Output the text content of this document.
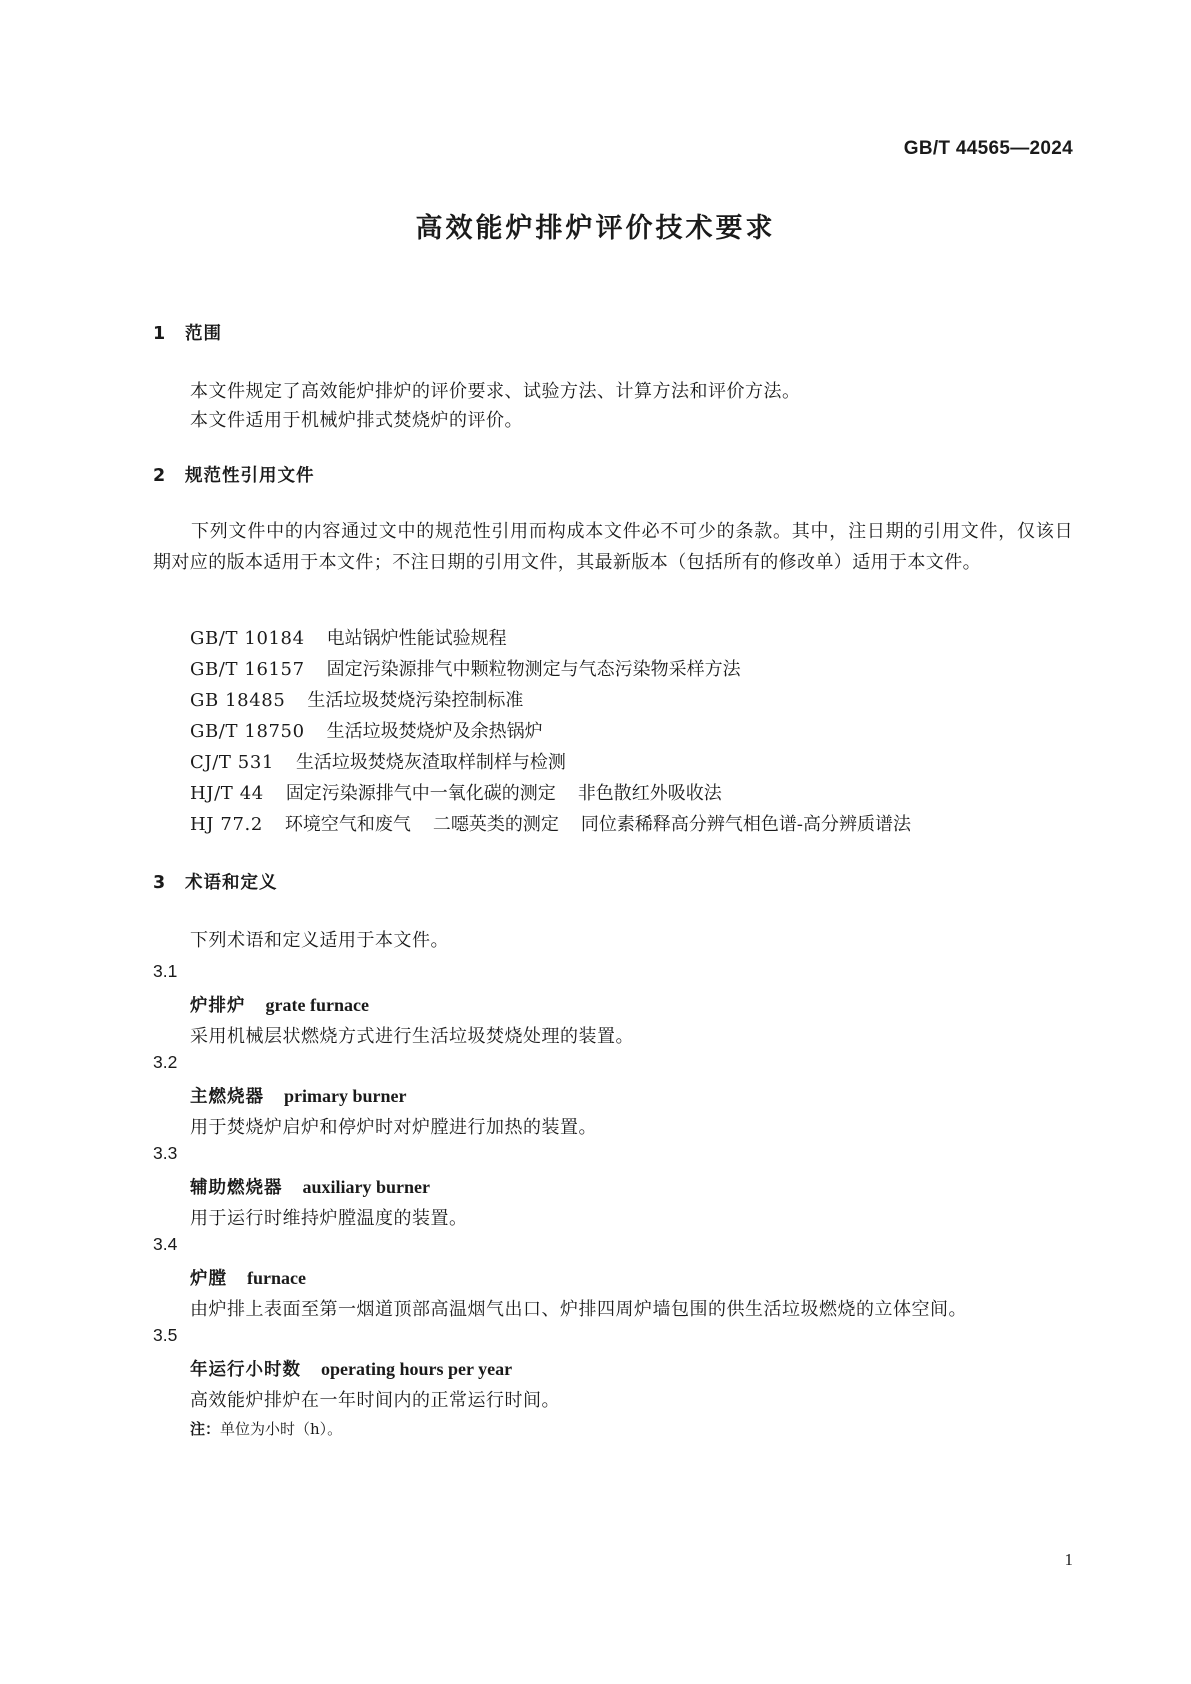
GB/T 44565—2024
高效能炉排炉评价技术要求
1 范围
本文件规定了高效能炉排炉的评价要求、试验方法、计算方法和评价方法。
本文件适用于机械炉排式焚烧炉的评价。
2 规范性引用文件
下列文件中的内容通过文中的规范性引用而构成本文件必不可少的条款。其中，注日期的引用文件，仅该日期对应的版本适用于本文件；不注日期的引用文件，其最新版本（包括所有的修改单）适用于本文件。
GB/T 10184 电站锅炉性能试验规程
GB/T 16157 固定污染源排气中颗粒物测定与气态污染物采样方法
GB 18485 生活垃圾焚烧污染控制标准
GB/T 18750 生活垃圾焚烧炉及余热锅炉
CJ/T 531 生活垃圾焚烧灰渣取样制样与检测
HJ/T 44 固定污染源排气中一氧化碳的测定 非色散红外吸收法
HJ 77.2 环境空气和废气 二噁英类的测定 同位素稀释高分辨气相色谱-高分辨质谱法
3 术语和定义
下列术语和定义适用于本文件。
3.1
炉排炉 grate furnace
采用机械层状燃烧方式进行生活垃圾焚烧处理的装置。
3.2
主燃烧器 primary burner
用于焚烧炉启炉和停炉时对炉膛进行加热的装置。
3.3
辅助燃烧器 auxiliary burner
用于运行时维持炉膛温度的装置。
3.4
炉膛 furnace
由炉排上表面至第一烟道顶部高温烟气出口、炉排四周炉墙包围的供生活垃圾燃烧的立体空间。
3.5
年运行小时数 operating hours per year
高效能炉排炉在一年时间内的正常运行时间。
注：单位为小时（h）。
1
